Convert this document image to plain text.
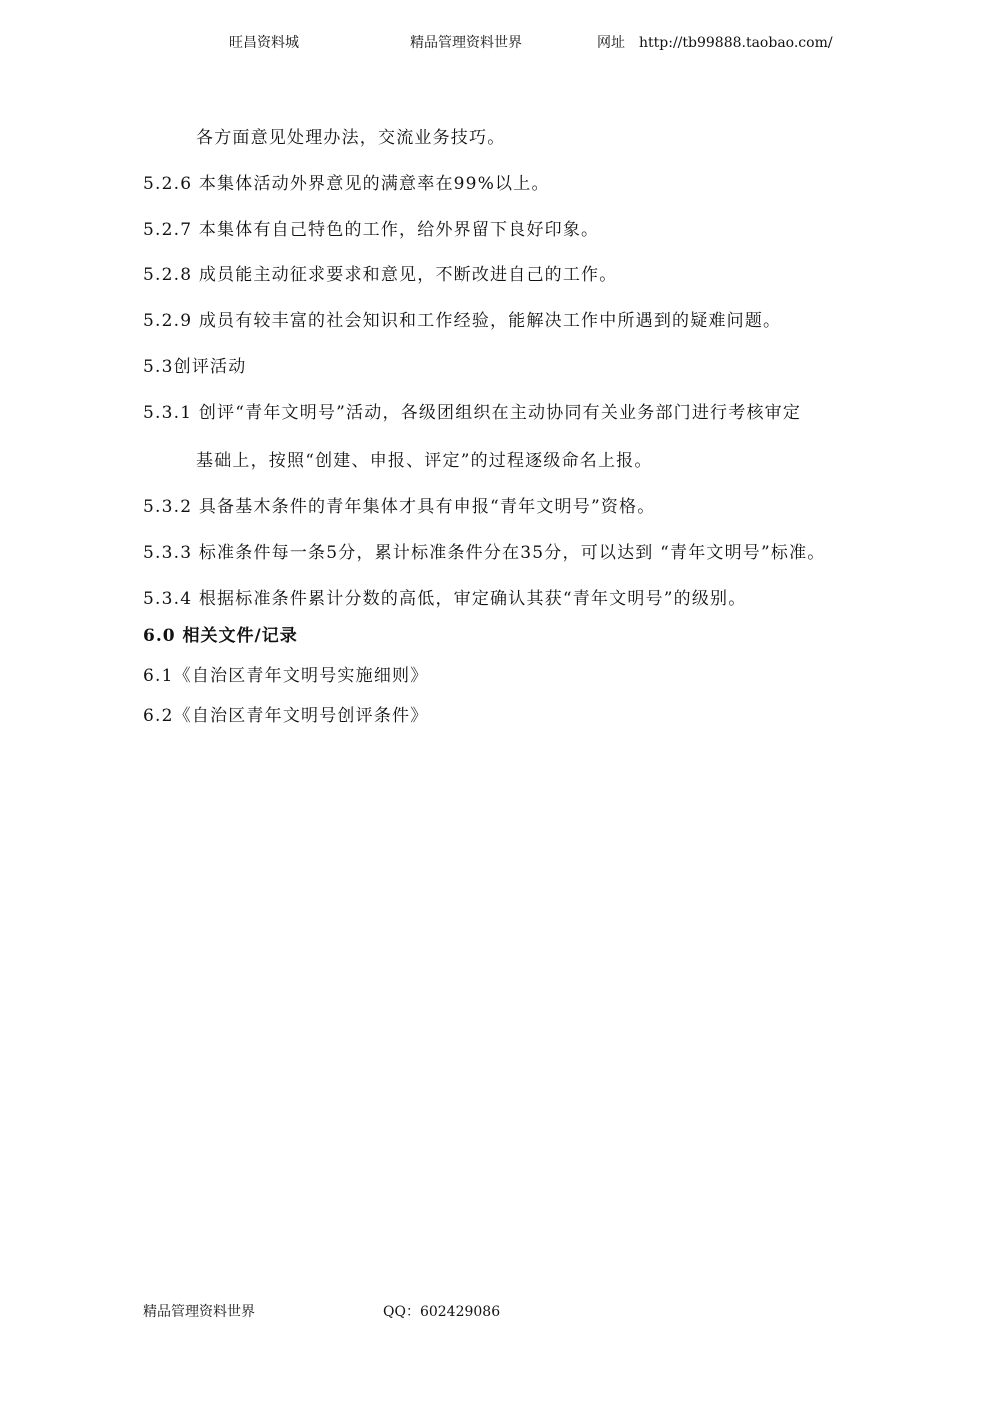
旺昌资料城	精品管理资料世界	网址 http://tb99888.taobao.com/
各方面意见处理办法，交流业务技巧。
5.2.6 本集体活动外界意见的满意率在99%以上。
5.2.7 本集体有自己特色的工作，给外界留下良好印象。
5.2.8 成员能主动征求要求和意见，不断改进自己的工作。
5.2.9 成员有较丰富的社会知识和工作经验，能解决工作中所遇到的疑难问题。
5.3创评活动
5.3.1 创评“青年文明号”活动，各级团组织在主动协同有关业务部门进行考核审定
基础上，按照“创建、申报、评定”的过程逐级命名上报。
5.3.2 具备基木条件的青年集体才具有申报“青年文明号”资格。
5.3.3 标准条件每一条5分，累计标准条件分在35分，可以达到 “青年文明号”标准。
5.3.4 根据标准条件累计分数的高低，审定确认其获“青年文明号”的级别。
6.0 相关文件/记录
6.1《自治区青年文明号实施细则》
6.2《自治区青年文明号创评条件》
精品管理资料世界	QQ：602429086
